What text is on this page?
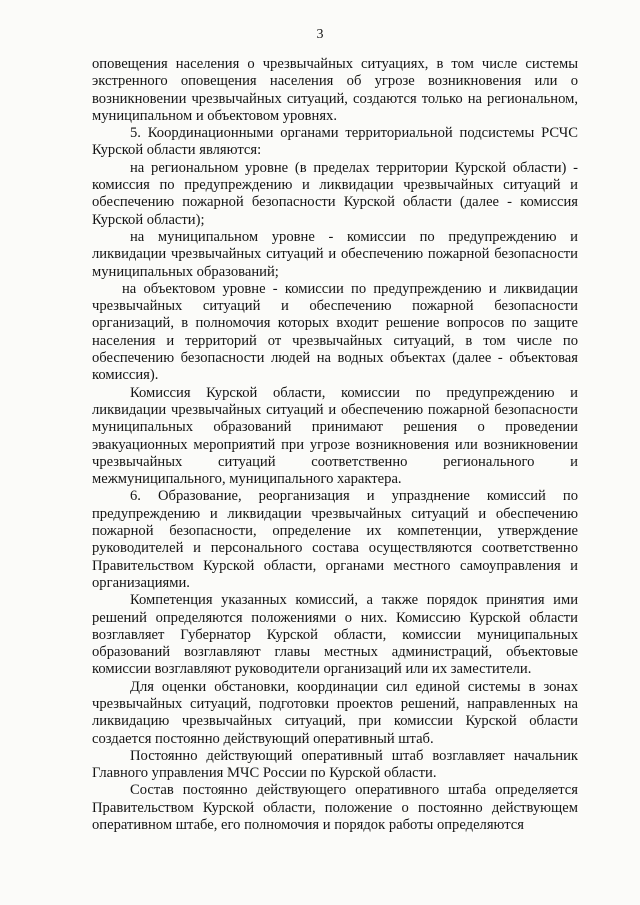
3

оповещения населения о чрезвычайных ситуациях, в том числе системы экстренного оповещения населения об угрозе возникновения или о возникновении чрезвычайных ситуаций, создаются только на региональном, муниципальном и объектовом уровнях.

5. Координационными органами территориальной подсистемы РСЧС Курской области являются:

на региональном уровне (в пределах территории Курской области) - комиссия по предупреждению и ликвидации чрезвычайных ситуаций и обеспечению пожарной безопасности Курской области (далее - комиссия Курской области);

на муниципальном уровне - комиссии по предупреждению и ликвидации чрезвычайных ситуаций и обеспечению пожарной безопасности муниципальных образований;

на объектовом уровне - комиссии по предупреждению и ликвидации чрезвычайных ситуаций и обеспечению пожарной безопасности организаций, в полномочия которых входит решение вопросов по защите населения и территорий от чрезвычайных ситуаций, в том числе по обеспечению безопасности людей на водных объектах (далее - объектовая комиссия).

Комиссия Курской области, комиссии по предупреждению и ликвидации чрезвычайных ситуаций и обеспечению пожарной безопасности муниципальных образований принимают решения о проведении эвакуационных мероприятий при угрозе возникновения или возникновении чрезвычайных ситуаций соответственно регионального и межмуниципального, муниципального характера.

6. Образование, реорганизация и упразднение комиссий по предупреждению и ликвидации чрезвычайных ситуаций и обеспечению пожарной безопасности, определение их компетенции, утверждение руководителей и персонального состава осуществляются соответственно Правительством Курской области, органами местного самоуправления и организациями.

Компетенция указанных комиссий, а также порядок принятия ими решений определяются положениями о них. Комиссию Курской области возглавляет Губернатор Курской области, комиссии муниципальных образований возглавляют главы местных администраций, объектовые комиссии возглавляют руководители организаций или их заместители.

Для оценки обстановки, координации сил единой системы в зонах чрезвычайных ситуаций, подготовки проектов решений, направленных на ликвидацию чрезвычайных ситуаций, при комиссии Курской области создается постоянно действующий оперативный штаб.

Постоянно действующий оперативный штаб возглавляет начальник Главного управления МЧС России по Курской области.

Состав постоянно действующего оперативного штаба определяется Правительством Курской области, положение о постоянно действующем оперативном штабе, его полномочия и порядок работы определяются
